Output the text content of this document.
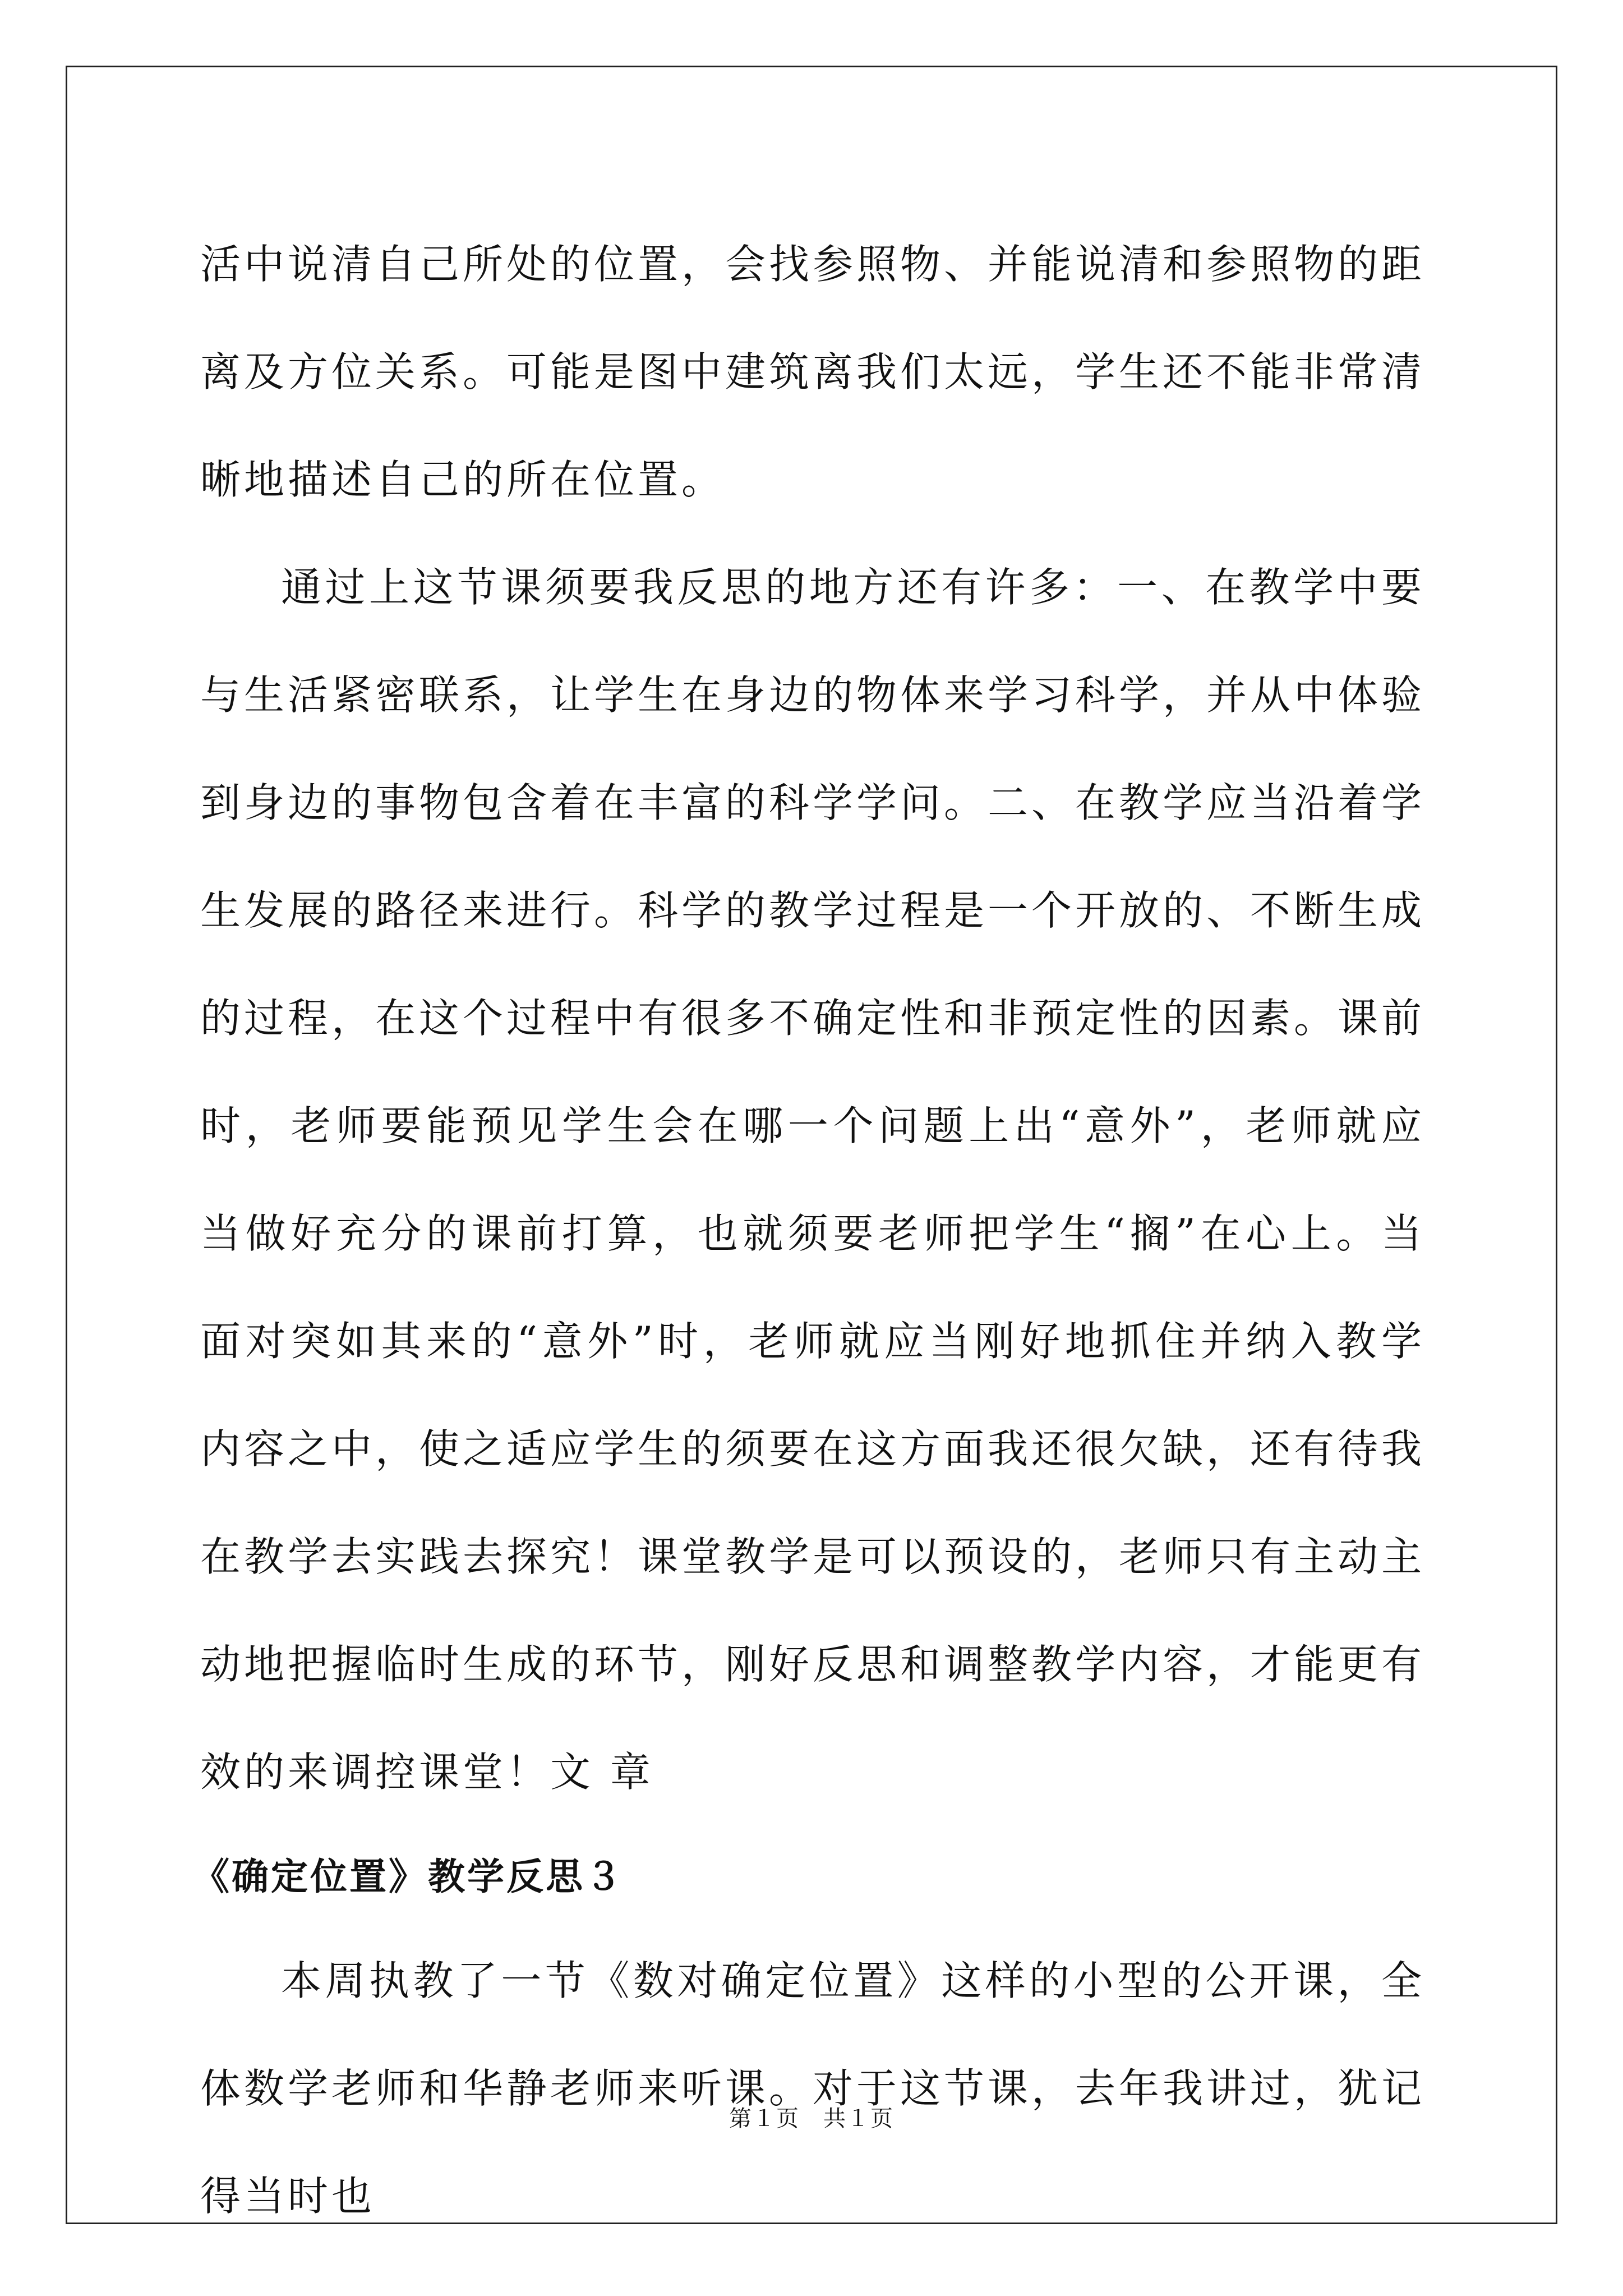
活中说清自己所处的位置，会找参照物、并能说清和参照物的距离及方位关系。可能是图中建筑离我们太远，学生还不能非常清晰地描述自己的所在位置。

通过上这节课须要我反思的地方还有许多：一、在教学中要与生活紧密联系，让学生在身边的物体来学习科学，并从中体验到身边的事物包含着在丰富的科学学问。二、在教学应当沿着学生发展的路径来进行。科学的教学过程是一个开放的、不断生成的过程，在这个过程中有很多不确定性和非预定性的因素。课前时，老师要能预见学生会在哪一个问题上出“意外”，老师就应当做好充分的课前打算，也就须要老师把学生“搁”在心上。当面对突如其来的“意外”时，老师就应当刚好地抓住并纳入教学内容之中，使之适应学生的须要在这方面我还很欠缺，还有待我在教学去实践去探究！课堂教学是可以预设的，老师只有主动主动地把握临时生成的环节，刚好反思和调整教学内容，才能更有效的来调控课堂！文 章

《确定位置》教学反思３

本周执教了一节《数对确定位置》这样的小型的公开课，全体数学老师和华静老师来听课。对于这节课，去年我讲过，犹记得当时也

第１页　共１页
